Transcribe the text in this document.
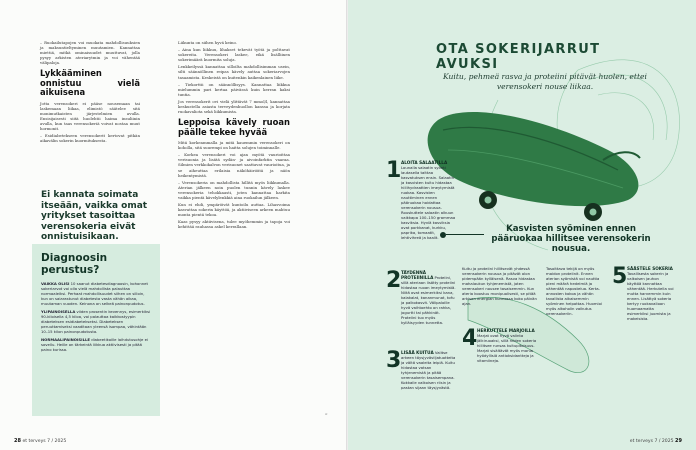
– Ruokailutapojen voi muokata mahdollisuuksien ja maksuntieltyminen muutamien. Kannattaa miettiä, mitkä ominaisuudet muuttuvat, jolla pysyy arkisten ateriarytmin ja voi vähentää välipaloja.

Lykkääminen onnistuu vielä aikuisena

Jotta verensokeri ei pääse nousemaan tai laskemaan liikaa, elimistö säätelee sitä monimutkaisten järjestelmien avulla. Ensisijaisesti siitä huolehtii haima insuliinin avulla, kun taas verensokeriä voivat nostaa muut hormonit.

– Esidiabetekseen verensokerit kertovat pitkän aikavälin sokerin kuormituksesta.

Ei kannata soimata itseään, vaikka omat yritykset tasoittaa verensokeria eivät onnistuisikaan.
Diagnoosin perustus?

VAIKKA OLISI 10 saanut diabetesdiagnoosin, kohonnet sokeriarvot voi olla vielä mahdollista palauttaa normaaleiksi. Perhaat mahdollisuudet siihen on silloin, kun on saiarastunut diabetesta vasta vähän aikaa, muutaman vuoden. Keinona on selkeä painonpudotus.

YLIPAINOISELLA viiden prosentin kevennys, esimerkiksi 90-kiloisella 4,5 kiloa, voi palauttaa kaikkostyypin diabeteksen esidiabetekseksi. Diabeteksen peruuttamiseksi vaaditaan yleensä isompaa, vähintään 10–15 kilon painonpudotusta.

NORMAALIPAINOISILLE diabeetikoille laihdutusohje ei sovellu. Heille on tärkeintä liikkua aktiivisesti ja pitää paino kurissa.

Liikunta on siihen hyvä keino.

– Aina kun liikkuu, lihakset tekevät työtä ja polttavat sokereita. Verensokeri laskee, eikä lisälliinen sokerimäärä kuormita soluja.

Lenkkeilyssä kannattaa silloilta mahdollisimman usein, silti säännöllinen reipas kävely auttaa sokeriarvojen tasaamista. Keskeistä on kuitenkin kaikenlainen liike.

– Tiekorttii on säännöllisyys. Kannattaa liikkua mielummin pari kertaa päivässä kuin kerran kaksi tuntia.

Jos verensokerit ovi vielä ylittävät 7 mmol/l, kannattaa keskustella asiasta terveydenhuollon kanssa ja korjata ruokavaliota sekä liikkumista.

Leppoisa kävely ruoan päälle tekee hyvää

Mitä korkeammalla ja mitä kauemmin verensokeri on koholla, sitä suurempi on haitta solujen toiminnalle.

– Korkea verensokeri voi ajan myötä vaurioittaa verisuonia ja lisätä sydän- ja aivoinfarktin vaaraa. Silmien verkkokalvon verisuonet saattavat vaurioitua, ja se aiheuttaa erilaisia näköhäiriöitä ja näön heikentymistä.

– Verensokeria on mahdollista hillitä myös liikkumalla. Aterian jälkeen noin puolen tunnin kävely laskee verensokeria tehokkaasti, joten kannattaa harkita vaikka pientä kävelylenkkiä aina ruokailun jälkeen.

Kun ei ehdi, ympäröivät kuntoilu auttaa. Lihasvoima kasvattaa sokerin käyttöä, ja aktiiviseen arkeen mahtuu monta pientä tekoa.

Kaas pysyy aktiivisena, tulee myöhemmin ja tapoja voi kehittää rauhassa askel kerrallaan.

28 et terveys 7 / 2025
ᵍⁱ
OTA SOKERIJARRUT AVUKSI
Kuitu, pehmeä rasva ja proteiini pitävät huolen, ettei verensokeri nouse liikaa.
1 ALOITA SALAATILLA Lounalla salaatin syönti lautasella taittaa kasvatuksen ensin. Salaatin ja kasvisten kuitu hidastaa hiilihydraattien imeytymistä ruokaa. Kasvisten nauttiminen ennen pääruokaa hoidattaa verensokerin nousua. Rouskuttele salaatin alkuun vaikkapa 100–150 grammaa kasviksia. Hyviä kasviksia ovat porkkanat, kurkku, paprika, tomaatit, lehtivihreä ja kaalit.
2 TÄYDENNÄ PROTEIINILLA Proteiini, sillä ateriaan lisätty proteiini hidastaa ruoan imeytymistä. Niitä ovat esimerkiksi kana, kalakalat, kananmunat, tofu ja palkokasvit. Välipaloille hyvä vaihtoehto on rahka, jogurtti tai pähkinät. Proteiini tuo myös kylläisyyden tunnetta.
3 LISÄÄ KUITUA Valitse arkeen täysjyväviljatuotteita ja vältä vaaleita leipiä. Kuitu hidastaa vatsan tyhjenemistä ja pitää verensokerin tasaisempana. Kokkaile valkoisen riisin ja pastan sijaan täysjyvästä.

Kuitu ja proteiini hillitsevät yhdessä verensokerin nousua ja pitävät olon pidempään kylläisenä. Rasva hidastaa mahalaukun tyhjenemistä, joten verensokeri nousee tasaisemmin. Kun ateria koostuu monipuolisesti, se pitää arkisen energian kunnossa koko päivän ajan.

4 HERKUTTELE MARJOILLA Marjat ovat hyvä valinta jälkiruoaksi, sillä niiden sokeria hillitsee runsas kuitupitoisuus. Marjat sisältävät myös monia hyödyllisiä antioksidantteja ja vitamiineja.

Tasoittava tekijä on myös maidon proteiinit. Ennen aterian syömistä voi nauttia pieni määrä hedelmiä ja vähentää napostelua. Kerta-annosten kokoa ja vähän tavallista aikaisemmin syöminen helpottaa. Huomioi myös alkoholin vaikutus verensokeriin.

5 SÄÄSTELE SOKERIA Tavallisesta sokerin ja valkoisen jauhon käyttöä kannattaa vähentää. Herkutella voi mutta harvemmin kuin ennen. Lisättyä sokeria kertyy ruokavalioon huomaamatta esimerkiksi juomista ja makeisista.
Kasvisten syöminen ennen pääruokaa hillitsee verensokerin nousua.
et terveys 7 / 2025 29
